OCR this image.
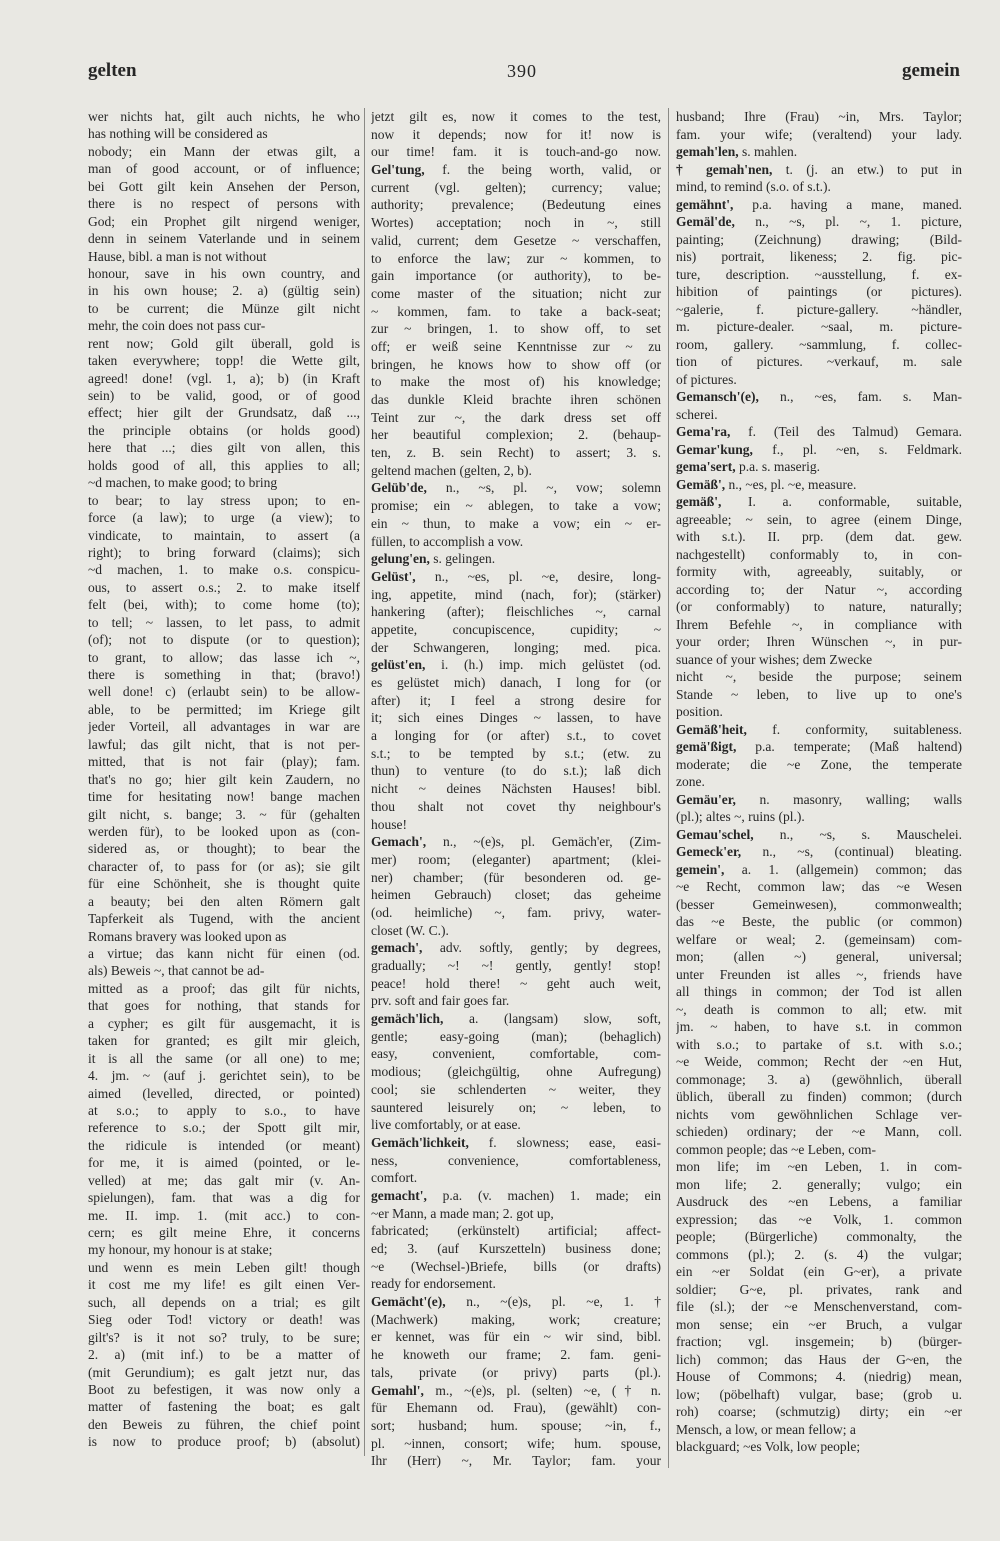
gelten	390	gemein
wer nichts hat, gilt auch nichts, he who
has nothing will be considered as
nobody; ein Mann der etwas gilt, a
man of good account, or of influence;
bei Gott gilt kein Ansehen der Person,
there is no respect of persons with
God; ein Prophet gilt nirgend weniger,
denn in seinem Vaterlande und in seinem
Hause, bibl. a man is not without
honour, save in his own country, and
in his own house; 2. a) (gültig sein)
to be current; die Münze gilt nicht
mehr, the coin does not pass cur-
rent now; Gold gilt überall, gold is
taken everywhere; topp! die Wette gilt,
agreed! done! (vgl. 1, a); b) (in Kraft
sein) to be valid, good, or of good
effect; hier gilt der Grundsatz, daß ...,
the principle obtains (or holds good)
here that ...; dies gilt von allen, this
holds good of all, this applies to all;
~d machen, to make good; to bring
to bear; to lay stress upon; to en-
force (a law); to urge (a view); to
vindicate, to maintain, to assert (a
right); to bring forward (claims); sich
~d machen, 1. to make o.s. conspicu-
ous, to assert o.s.; 2. to make itself
felt (bei, with); to come home (to);
to tell; ~ lassen, to let pass, to admit
(of); not to dispute (or to question);
to grant, to allow; das lasse ich ~,
there is something in that; (bravo!)
well done! c) (erlaubt sein) to be allow-
able, to be permitted; im Kriege gilt
jeder Vorteil, all advantages in war are
lawful; das gilt nicht, that is not per-
mitted, that is not fair (play); fam.
that's no go; hier gilt kein Zaudern, no
time for hesitating now! bange machen
gilt nicht, s. bange; 3. ~ für (gehalten
werden für), to be looked upon as (con-
sidered as, or thought); to bear the
character of, to pass for (or as); sie gilt
für eine Schönheit, she is thought quite
a beauty; bei den alten Römern galt
Tapferkeit als Tugend, with the ancient
Romans bravery was looked upon as
a virtue; das kann nicht für einen (od.
als) Beweis ~, that cannot be ad-
mitted as a proof; das gilt für nichts,
that goes for nothing, that stands for
a cypher; es gilt für ausgemacht, it is
taken for granted; es gilt mir gleich,
it is all the same (or all one) to me;
4. jm. ~ (auf j. gerichtet sein), to be
aimed (levelled, directed, or pointed)
at s.o.; to apply to s.o., to have
reference to s.o.; der Spott gilt mir,
the ridicule is intended (or meant)
for me, it is aimed (pointed, or le-
velled) at me; das galt mir (v. An-
spielungen), fam. that was a dig for
me. II. imp. 1. (mit acc.) to con-
cern; es gilt meine Ehre, it concerns
my honour, my honour is at stake;
und wenn es mein Leben gilt! though
it cost me my life! es gilt einen Ver-
such, all depends on a trial; es gilt
Sieg oder Tod! victory or death! was
gilt's? is it not so? truly, to be sure;
2. a) (mit inf.) to be a matter of
(mit Gerundium); es galt jetzt nur, das
Boot zu befestigen, it was now only a
matter of fastening the boat; es galt
den Beweis zu führen, the chief point
is now to produce proof; b) (absolut)
jetzt gilt es, now it comes to the test,
now it depends; now for it! now is
our time! fam. it is touch-and-go now.
Gel'tung, f. the being worth, valid, or
current (vgl. gelten); currency; value;
authority; prevalence; (Bedeutung eines
Wortes) acceptation; noch in ~, still
valid, current; dem Gesetze ~ verschaffen,
to enforce the law; zur ~ kommen, to
gain importance (or authority), to be-
come master of the situation; nicht zur
~ kommen, fam. to take a back-seat;
zur ~ bringen, 1. to show off, to set
off; er weiß seine Kenntnisse zur ~ zu
bringen, he knows how to show off (or
to make the most of) his knowledge;
das dunkle Kleid brachte ihren schönen
Teint zur ~, the dark dress set off
her beautiful complexion; 2. (behaup-
ten, z. B. sein Recht) to assert; 3. s.
geltend machen (gelten, 2, b).
Gelüb'de, n., ~s, pl. ~, vow; solemn
promise; ein ~ ablegen, to take a vow;
ein ~ thun, to make a vow; ein ~ er-
füllen, to accomplish a vow.
gelung'en, s. gelingen.
Gelüst', n., ~es, pl. ~e, desire, long-
ing, appetite, mind (nach, for); (stärker)
hankering (after); fleischliches ~, carnal
appetite, concupiscence, cupidity; ~
der Schwangeren, longing; med. pica.
gelüst'en, i. (h.) imp. mich gelüstet (od.
es gelüstet mich) danach, I long for (or
after) it; I feel a strong desire for
it; sich eines Dinges ~ lassen, to have
a longing for (or after) s.t., to covet
s.t.; to be tempted by s.t.; (etw. zu
thun) to venture (to do s.t.); laß dich
nicht ~ deines Nächsten Hauses! bibl.
thou shalt not covet thy neighbour's
house!
Gemach', n., ~(e)s, pl. Gemäch'er, (Zim-
mer) room; (eleganter) apartment; (klei-
ner) chamber; (für besonderen od. ge-
heimen Gebrauch) closet; das geheime
(od. heimliche) ~, fam. privy, water-
closet (W. C.).
gemach', adv. softly, gently; by degrees,
gradually; ~! ~! gently, gently! stop!
peace! hold there! ~ geht auch weit,
prv. soft and fair goes far.
gemäch'lich, a. (langsam) slow, soft,
gentle; easy-going (man); (behaglich)
easy, convenient, comfortable, com-
modious; (gleichgültig, ohne Aufregung)
cool; sie schlenderten ~ weiter, they
sauntered leisurely on; ~ leben, to
live comfortably, or at ease.
Gemäch'lichkeit, f. slowness; ease, easi-
ness, convenience, comfortableness,
comfort.
gemacht', p.a. (v. machen) 1. made; ein
~er Mann, a made man; 2. got up,
fabricated; (erkünstelt) artificial; affect-
ed; 3. (auf Kurszetteln) business done;
~e (Wechsel-)Briefe, bills (or drafts)
ready for endorsement.
Gemächt'(e), n., ~(e)s, pl. ~e, 1. †
(Machwerk) making, work; creature;
er kennet, was für ein ~ wir sind, bibl.
he knoweth our frame; 2. fam. geni-
tals, private (or privy) parts (pl.).
Gemahl', m., ~(e)s, pl. (selten) ~e, († n.
für Ehemann od. Frau), (gewählt) con-
sort; husband; hum. spouse; ~in, f.,
pl. ~innen, consort; wife; hum. spouse,
Ihr (Herr) ~, Mr. Taylor; fam. your
husband; Ihre (Frau) ~in, Mrs. Taylor;
fam. your wife; (veraltend) your lady.
gemah'len, s. mahlen.
† gemah'nen, t. (j. an etw.) to put in
mind, to remind (s.o. of s.t.).
gemähnt', p.a. having a mane, maned.
Gemäl'de, n., ~s, pl. ~, 1. picture,
painting; (Zeichnung) drawing; (Bild-
nis) portrait, likeness; 2. fig. pic-
ture, description. ~ausstellung, f. ex-
hibition of paintings (or pictures).
~galerie, f. picture-gallery. ~händler,
m. picture-dealer. ~saal, m. picture-
room, gallery. ~sammlung, f. collec-
tion of pictures. ~verkauf, m. sale
of pictures.
Gemansch'(e), n., ~es, fam. s. Man-
scherei.
Gema'ra, f. (Teil des Talmud) Gemara.
Gemar'kung, f., pl. ~en, s. Feldmark.
gema'sert, p.a. s. maserig.
Gemäß', n., ~es, pl. ~e, measure.
gemäß', I. a. conformable, suitable,
agreeable; ~ sein, to agree (einem Dinge,
with s.t.). II. prp. (dem dat. gew.
nachgestellt) conformably to, in con-
formity with, agreeably, suitably, or
according to; der Natur ~, according
(or conformably) to nature, naturally;
Ihrem Befehle ~, in compliance with
your order; Ihren Wünschen ~, in pur-
suance of your wishes; dem Zwecke
nicht ~, beside the purpose; seinem
Stande ~ leben, to live up to one's
position.
Gemäß'heit, f. conformity, suitableness.
gemä'ßigt, p.a. temperate; (Maß haltend)
moderate; die ~e Zone, the temperate
zone.
Gemäu'er, n. masonry, walling; walls
(pl.); altes ~, ruins (pl.).
Gemau'schel, n., ~s, s. Mauschelei.
Gemeck'er, n., ~s, (continual) bleating.
gemein', a. 1. (allgemein) common; das
~e Recht, common law; das ~e Wesen
(besser Gemeinwesen), commonwealth;
das ~e Beste, the public (or common)
welfare or weal; 2. (gemeinsam) com-
mon; (allen ~) general, universal;
unter Freunden ist alles ~, friends have
all things in common; der Tod ist allen
~, death is common to all; etw. mit
jm. ~ haben, to have s.t. in common
with s.o.; to partake of s.t. with s.o.;
~e Weide, common; Recht der ~en Hut,
commonage; 3. a) (gewöhnlich, überall
üblich, überall zu finden) common; (durch
nichts vom gewöhnlichen Schlage ver-
schieden) ordinary; der ~e Mann, coll.
common people; das ~e Leben, com-
mon life; im ~en Leben, 1. in com-
mon life; 2. generally; vulgo; ein
Ausdruck des ~en Lebens, a familiar
expression; das ~e Volk, 1. common
people; (Bürgerliche) commonalty, the
commons (pl.); 2. (s. 4) the vulgar;
ein ~er Soldat (ein G~er), a private
soldier; G~e, pl. privates, rank and
file (sl.); der ~e Menschenverstand, com-
mon sense; ein ~er Bruch, a vulgar
fraction; vgl. insgemein; b) (bürger-
lich) common; das Haus der G~en, the
House of Commons; 4. (niedrig) mean,
low; (pöbelhaft) vulgar, base; (grob u.
roh) coarse; (schmutzig) dirty; ein ~er
Mensch, a low, or mean fellow; a
blackguard; ~es Volk, low people;
